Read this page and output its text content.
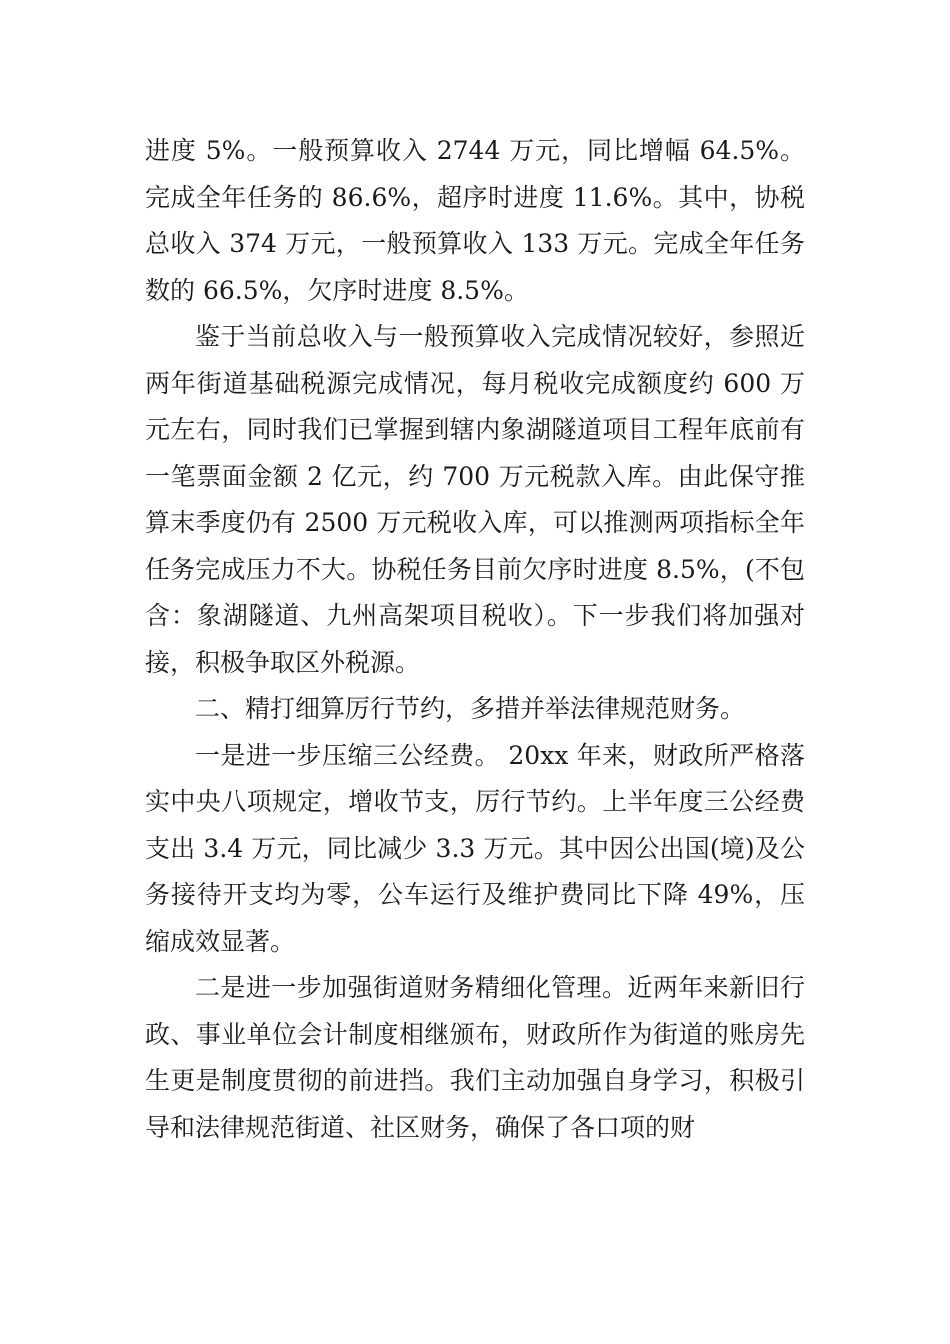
进度 5%。一般预算收入 2744 万元，同比增幅 64.5%。完成全年任务的 86.6%，超序时进度 11.6%。其中，协税总收入 374 万元，一般预算收入 133 万元。完成全年任务数的 66.5%，欠序时进度 8.5%。

鉴于当前总收入与一般预算收入完成情况较好，参照近两年街道基础税源完成情况，每月税收完成额度约 600 万元左右，同时我们已掌握到辖内象湖隧道项目工程年底前有一笔票面金额 2 亿元，约 700 万元税款入库。由此保守推算末季度仍有 2500 万元税收入库，可以推测两项指标全年任务完成压力不大。协税任务目前欠序时进度 8.5%，(不包含：象湖隧道、九州高架项目税收）。下一步我们将加强对接，积极争取区外税源。

二、精打细算厉行节约，多措并举法律规范财务。

一是进一步压缩三公经费。 20xx 年来，财政所严格落实中央八项规定，增收节支，厉行节约。上半年度三公经费支出 3.4 万元，同比减少 3.3 万元。其中因公出国(境)及公务接待开支均为零，公车运行及维护费同比下降 49%，压缩成效显著。

二是进一步加强街道财务精细化管理。近两年来新旧行政、事业单位会计制度相继颁布，财政所作为街道的账房先生更是制度贯彻的前进挡。我们主动加强自身学习，积极引导和法律规范街道、社区财务，确保了各口项的财
